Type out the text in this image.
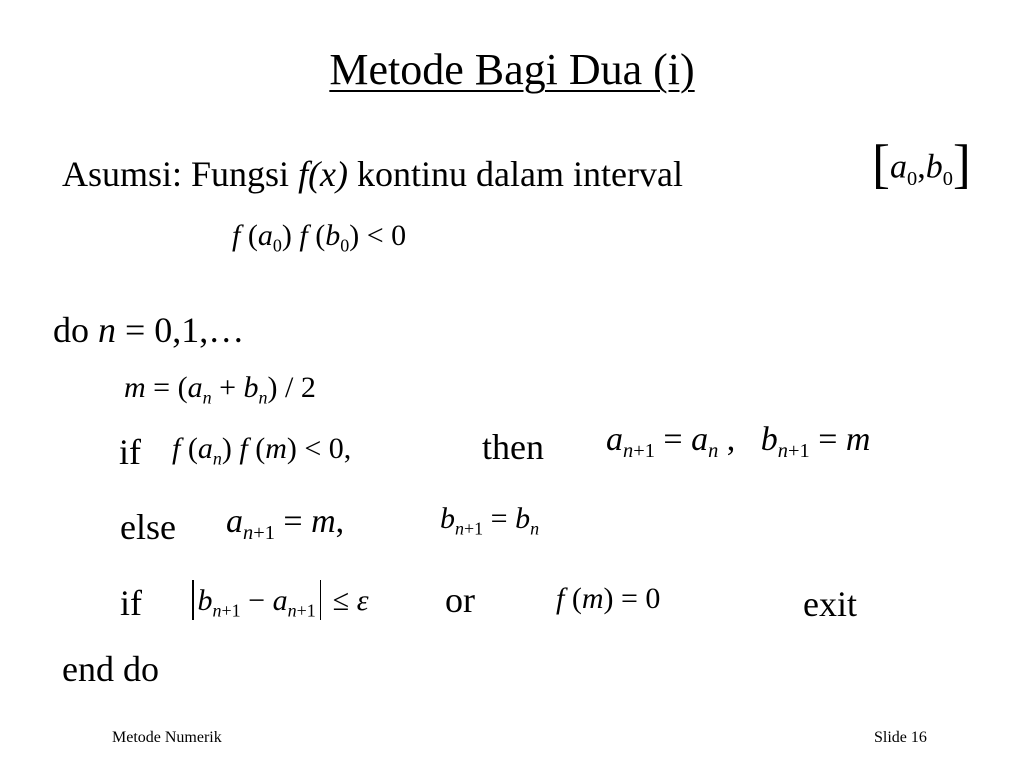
Metode Bagi Dua (i)
Asumsi: Fungsi f(x) kontinu dalam interval	$[a_0,b_0]$
f $(a_0)$ f $(b_0) < 0$
do n = 0,1,…
$m = (a_n + b_n) / 2$
if f $(a_n)$ f (m) < 0,	then $a_{n+1} = a_n$ , $b_{n+1} = m$
else $a_{n+1} = m$,	$b_{n+1} = b_n$
if	$b_{n+1} - a_{n+1} \le \varepsilon$ or	f (m) = 0	exit
end do
Metode Numerik	Slide 16
